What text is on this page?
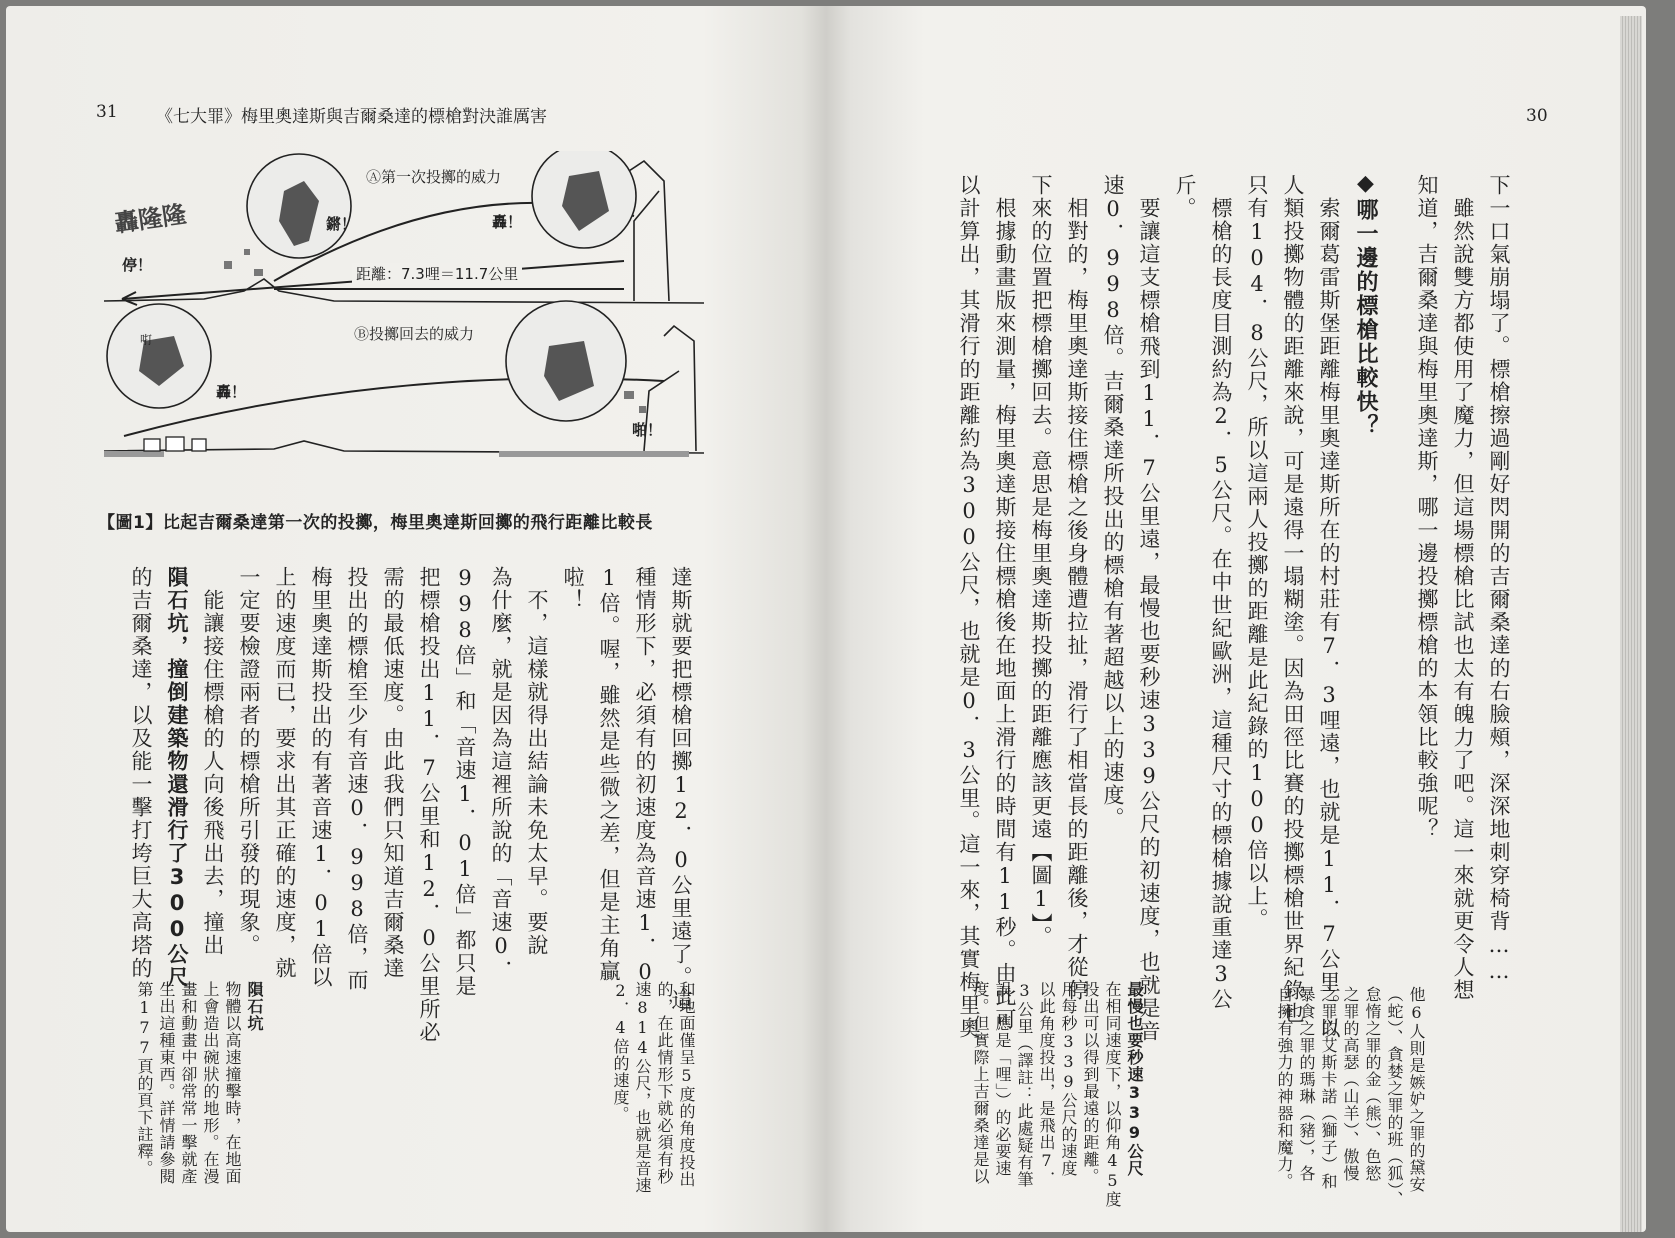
31 《七大罪》梅里奧達斯與吉爾桑達的標槍對決誰厲害
轟隆隆
停！
鏘！	轟！
轟！
啪！
咑
Ⓐ第一次投擲的威力
距離：7.3哩＝11.7公里
Ⓑ投擲回去的威力
【圖1】比起吉爾桑達第一次的投擲，梅里奧達斯回擲的飛行距離比較長
達斯就要把標槍回擲12．0公里遠了。這
種情形下，必須有的初速度為音速1．0
1倍。喔，雖然是些微之差，但是主角贏
啦！
　不，這樣就得出結論未免太早。要說
為什麼，就是因為這裡所說的「音速0．
998倍」和「音速1．01倍」都只是
把標槍投出11．7公里和12．0公里所必
需的最低速度。由此我們只知道吉爾桑達
投出的標槍至少有音速0．998倍，而
梅里奧達斯投出的有著音速1．01倍以
上的速度而已，要求出其正確的速度，就
一定要檢證兩者的標槍所引發的現象。
　能讓接住標槍的人向後飛出去，撞出
隕石坑，撞倒建築物還滑行了300公尺
的吉爾桑達，以及能一擊打垮巨大高塔的
和地面僅呈5度的角度投出
的，在此情形下就必須有秒
速814公尺，也就是音速
2．4倍的速度。
隕石坑
物體以高速撞擊時，在地面
上會造出碗狀的地形。在漫
畫和動畫中卻常常一擊就產
生出這種東西。詳情請參閱
第177頁的頁下註釋。
30
下一口氣崩塌了。標槍擦過剛好閃開的吉爾桑達的右臉頰，深深地刺穿椅背……
　雖然說雙方都使用了魔力，但這場標槍比試也太有魄力了吧。這一來就更令人想
知道，吉爾桑達與梅里奧達斯，哪一邊投擲標槍的本領比較強呢？
◆哪一邊的標槍比較快？
　索爾葛雷斯堡距離梅里奧達斯所在的村莊有7．3哩遠，也就是11．7公里。以
人類投擲物體的距離來說，可是遠得一塌糊塗。因為田徑比賽的投擲標槍世界紀錄也
只有104．8公尺，所以這兩人投擲的距離是此紀錄的100倍以上。
　標槍的長度目測約為2．5公尺。在中世紀歐洲，這種尺寸的標槍據說重達3公
斤。
　要讓這支標槍飛到11．7公里遠，最慢也要秒速339公尺的初速度，也就是音
速0．998倍。吉爾桑達所投出的標槍有著超越以上的速度。
　相對的，梅里奧達斯接住標槍之後身體遭拉扯，滑行了相當長的距離後，才從停
下來的位置把標槍擲回去。意思是梅里奧達斯投擲的距離應該更遠【圖1】。
　根據動畫版來測量，梅里奧達斯接住標槍後在地面上滑行的時間有11秒。由此可
以計算出，其滑行的距離約為300公尺，也就是0．3公里。這一來，其實梅里奧
他6人則是嫉妒之罪的黛安
（蛇）、貪婪之罪的班（狐）、
怠惰之罪的金（熊）、色慾
之罪的高瑟（山羊）、傲慢
之罪的艾斯卡諾（獅子）和
暴食之罪的瑪琳（豬），各
自擁有強力的神器和魔力。
最慢也要秒速339公尺
在相同速度下，以仰角45度
投出可以得到最遠的距離。
用每秒339公尺的速度
以此角度投出，是飛出7．
3公里（譯註：此處疑有筆
誤，應是「哩」）的必要速
度。但實際上吉爾桑達是以
